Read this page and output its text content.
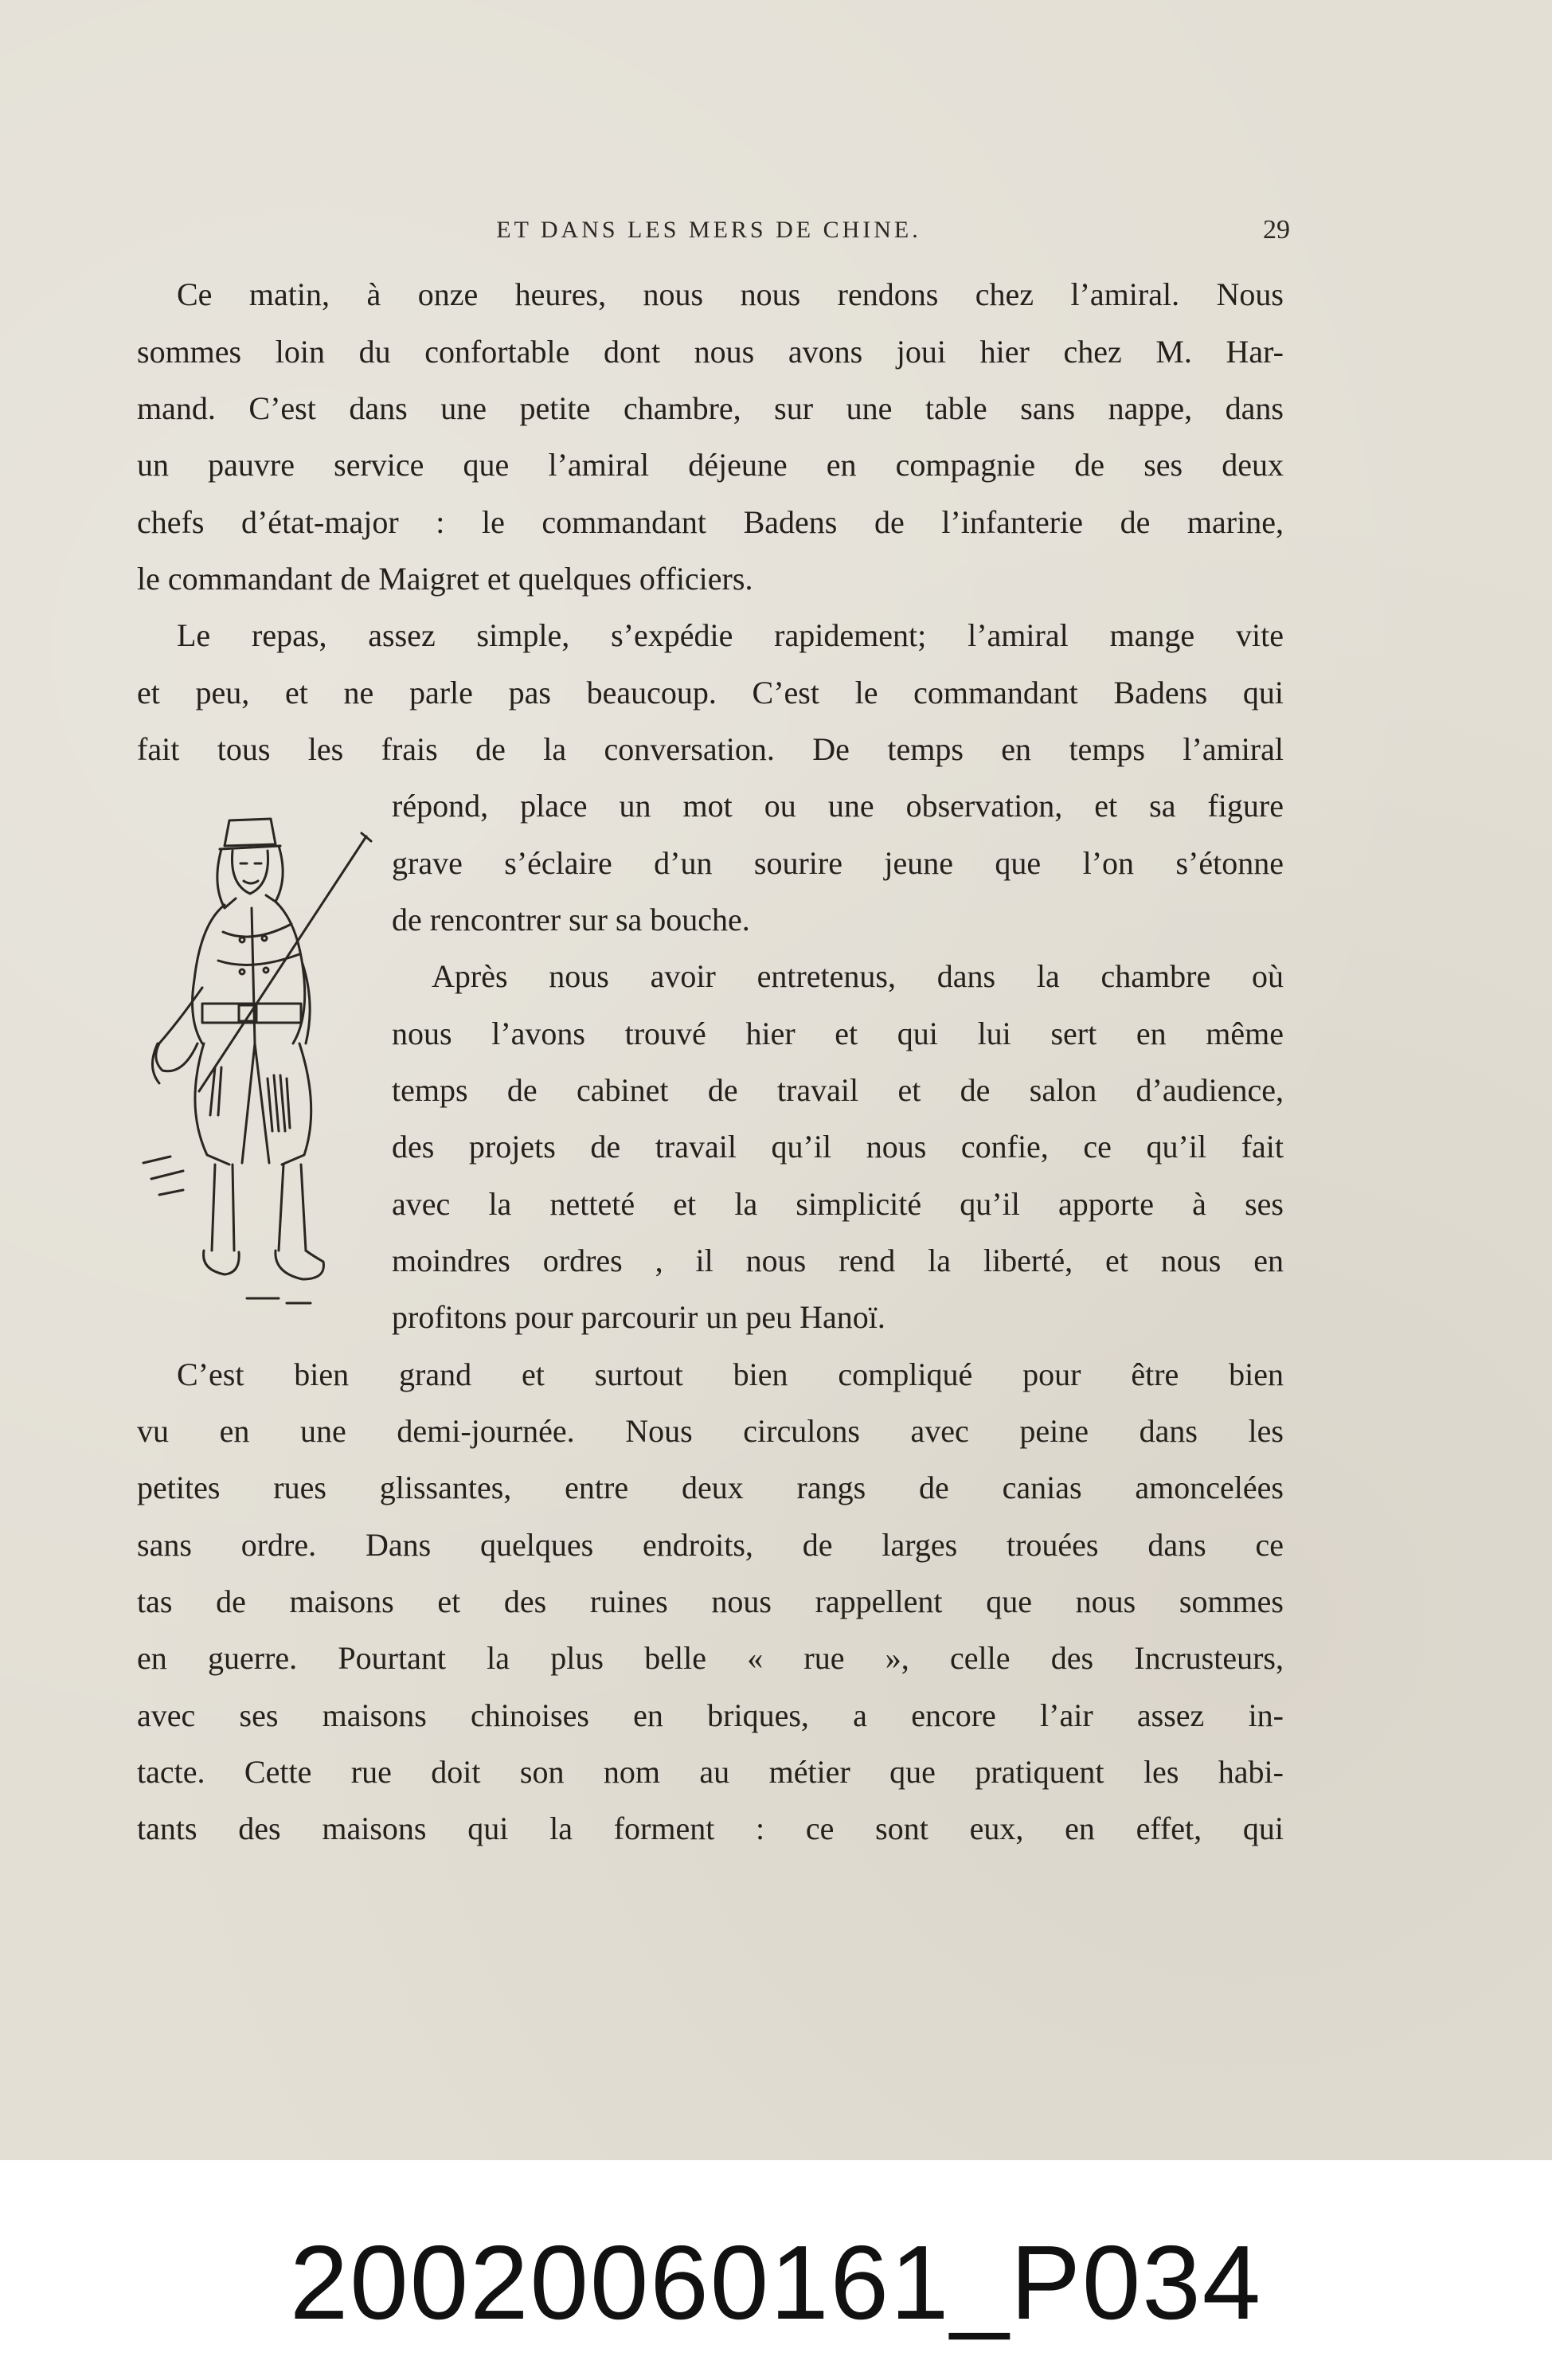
ET DANS LES MERS DE CHINE.	29
Ce matin, à onze heures, nous nous rendons chez l’amiral. Nous
sommes loin du confortable dont nous avons joui hier chez M. Har-
mand. C’est dans une petite chambre, sur une table sans nappe, dans
un pauvre service que l’amiral déjeune en compagnie de ses deux
chefs d’état-major : le commandant Badens de l’infanterie de marine,
le commandant de Maigret et quelques officiers.
Le repas, assez simple, s’expédie rapidement; l’amiral mange vite
et peu, et ne parle pas beaucoup. C’est le commandant Badens qui
fait tous les frais de la conversation. De temps en temps l’amiral
répond, place un mot ou une observation, et sa figure
grave s’éclaire d’un sourire jeune que l’on s’étonne
de rencontrer sur sa bouche.
Après nous avoir entretenus, dans la chambre où
nous l’avons trouvé hier et qui lui sert en même
temps de cabinet de travail et de salon d’audience,
des projets de travail qu’il nous confie, ce qu’il fait
avec la netteté et la simplicité qu’il apporte à ses
moindres ordres , il nous rend la liberté, et nous en
profitons pour parcourir un peu Hanoï.
C’est bien grand et surtout bien compliqué pour être bien
vu en une demi-journée. Nous circulons avec peine dans les
petites rues glissantes, entre deux rangs de canias amoncelées
sans ordre. Dans quelques endroits, de larges trouées dans ce
tas de maisons et des ruines nous rappellent que nous sommes
en guerre. Pourtant la plus belle « rue », celle des Incrusteurs,
avec ses maisons chinoises en briques, a encore l’air assez in-
tacte. Cette rue doit son nom au métier que pratiquent les habi-
tants des maisons qui la forment : ce sont eux, en effet, qui
20020060161_P034
